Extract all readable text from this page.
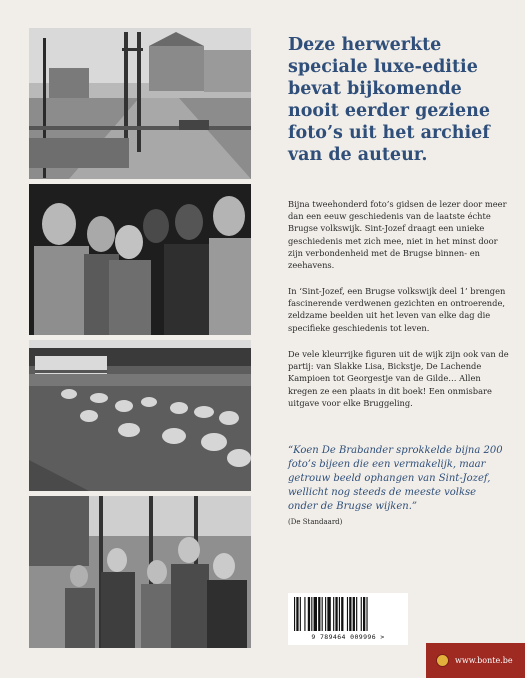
Deze herwerkte speciale luxe-editie bevat bijkomende nooit eerder geziene foto’s uit het archief van de auteur.

Bijna tweehonderd foto’s gidsen de lezer door meer dan een eeuw geschiedenis van de laatste échte Brugse volkswijk. Sint-Jozef draagt een unieke geschiedenis met zich mee, niet in het minst door zijn verbondenheid met de Brugse binnen- en zeehavens.

In ‘Sint-Jozef, een Brugse volkswijk deel 1’ brengen fascinerende verdwenen gezichten en ontroerende, zeldzame beelden uit het leven van elke dag die specifieke geschiedenis tot leven.

De vele kleurrijke figuren uit de wijk zijn ook van de partij: van Slakke Lisa, Bickstje, De Lachende Kampioen tot Georgestje van de Gilde… Allen kregen ze een plaats in dit boek! Een onmisbare uitgave voor elke Bruggeling.

“Koen De Brabander sprokkelde bijna 200 foto’s bijeen die een vermakelijk, maar getrouw beeld ophangen van Sint-Jozef, wellicht nog steeds de meeste volkse onder de Brugse wijken.”

(De Standaard)

9 789464 009996 >
www.bonte.be
